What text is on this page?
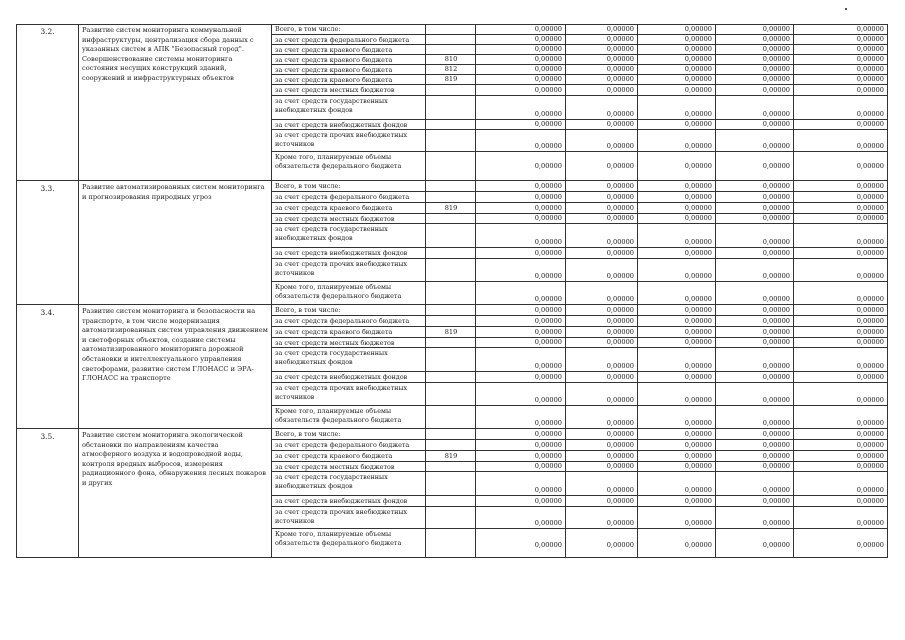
3.2.	Развитие систем мониторинга коммунальной инфраструктуры, централизация сбора данных с указанных систем в АПК "Безопасный город". Совершенствование системы мониторинга состояния несущих конструкций зданий, сооружений и инфраструктурных объектов
Всего, в том числе:	0,00000	0,00000	0,00000	0,00000	0,00000
за счет средств федерального бюджета	0,00000	0,00000	0,00000	0,00000	0,00000
за счет средств краевого бюджета	0,00000	0,00000	0,00000	0,00000	0,00000
за счет средств краевого бюджета	810	0,00000	0,00000	0,00000	0,00000	0,00000
за счет средств краевого бюджета	812	0,00000	0,00000	0,00000	0,00000	0,00000
за счет средств краевого бюджета	819	0,00000	0,00000	0,00000	0,00000	0,00000
за счет средств местных бюджетов	0,00000	0,00000	0,00000	0,00000	0,00000
за счет средств государственных внебюджетных фондов	0,00000	0,00000	0,00000	0,00000	0,00000
за счет средств внебюджетных фондов	0,00000	0,00000	0,00000	0,00000	0,00000
за счет средств прочих внебюджетных источников	0,00000	0,00000	0,00000	0,00000	0,00000
Кроме того, планируемые объемы обязательств федерального бюджета	0,00000	0,00000	0,00000	0,00000	0,00000
3.3.	Развитие автоматизированных систем мониторинга и прогнозирования природных угроз
Всего, в том числе:	0,00000	0,00000	0,00000	0,00000	0,00000
за счет средств федерального бюджета	0,00000	0,00000	0,00000	0,00000	0,00000
за счет средств краевого бюджета	819	0,00000	0,00000	0,00000	0,00000	0,00000
за счет средств местных бюджетов	0,00000	0,00000	0,00000	0,00000	0,00000
за счет средств государственных внебюджетных фондов	0,00000	0,00000	0,00000	0,00000	0,00000
за счет средств внебюджетных фондов	0,00000	0,00000	0,00000	0,00000	0,00000
за счет средств прочих внебюджетных источников	0,00000	0,00000	0,00000	0,00000	0,00000
Кроме того, планируемые объемы обязательств федерального бюджета	0,00000	0,00000	0,00000	0,00000	0,00000
3.4.	Развитие систем мониторинга и безопасности на транспорте, в том числе модернизация автоматизированных систем управления движением и светофорных объектов, создание системы автоматизированного мониторинга дорожной обстановки и интеллектуального управления светофорами, развитие систем ГЛОНАСС и ЭРА-ГЛОНАСС на транспорте
Всего, в том числе:	0,00000	0,00000	0,00000	0,00000	0,00000
за счет средств федерального бюджета	0,00000	0,00000	0,00000	0,00000	0,00000
за счет средств краевого бюджета	819	0,00000	0,00000	0,00000	0,00000	0,00000
за счет средств местных бюджетов	0,00000	0,00000	0,00000	0,00000	0,00000
за счет средств государственных внебюджетных фондов	0,00000	0,00000	0,00000	0,00000	0,00000
за счет средств внебюджетных фондов	0,00000	0,00000	0,00000	0,00000	0,00000
за счет средств прочих внебюджетных источников	0,00000	0,00000	0,00000	0,00000	0,00000
Кроме того, планируемые объемы обязательств федерального бюджета	0,00000	0,00000	0,00000	0,00000	0,00000
3.5.	Развитие систем мониторинга экологической обстановки по направлениям качества атмосферного воздуха и водопроводной воды, контроля вредных выбросов, измерения радиационного фона, обнаружения лесных пожаров и других
Всего, в том числе:	0,00000	0,00000	0,00000	0,00000	0,00000
за счет средств федерального бюджета	0,00000	0,00000	0,00000	0,00000	0,00000
за счет средств краевого бюджета	819	0,00000	0,00000	0,00000	0,00000	0,00000
за счет средств местных бюджетов	0,00000	0,00000	0,00000	0,00000	0,00000
за счет средств государственных внебюджетных фондов	0,00000	0,00000	0,00000	0,00000	0,00000
за счет средств внебюджетных фондов	0,00000	0,00000	0,00000	0,00000	0,00000
за счет средств прочих внебюджетных источников	0,00000	0,00000	0,00000	0,00000	0,00000
Кроме того, планируемые объемы обязательств федерального бюджета	0,00000	0,00000	0,00000	0,00000	0,00000
